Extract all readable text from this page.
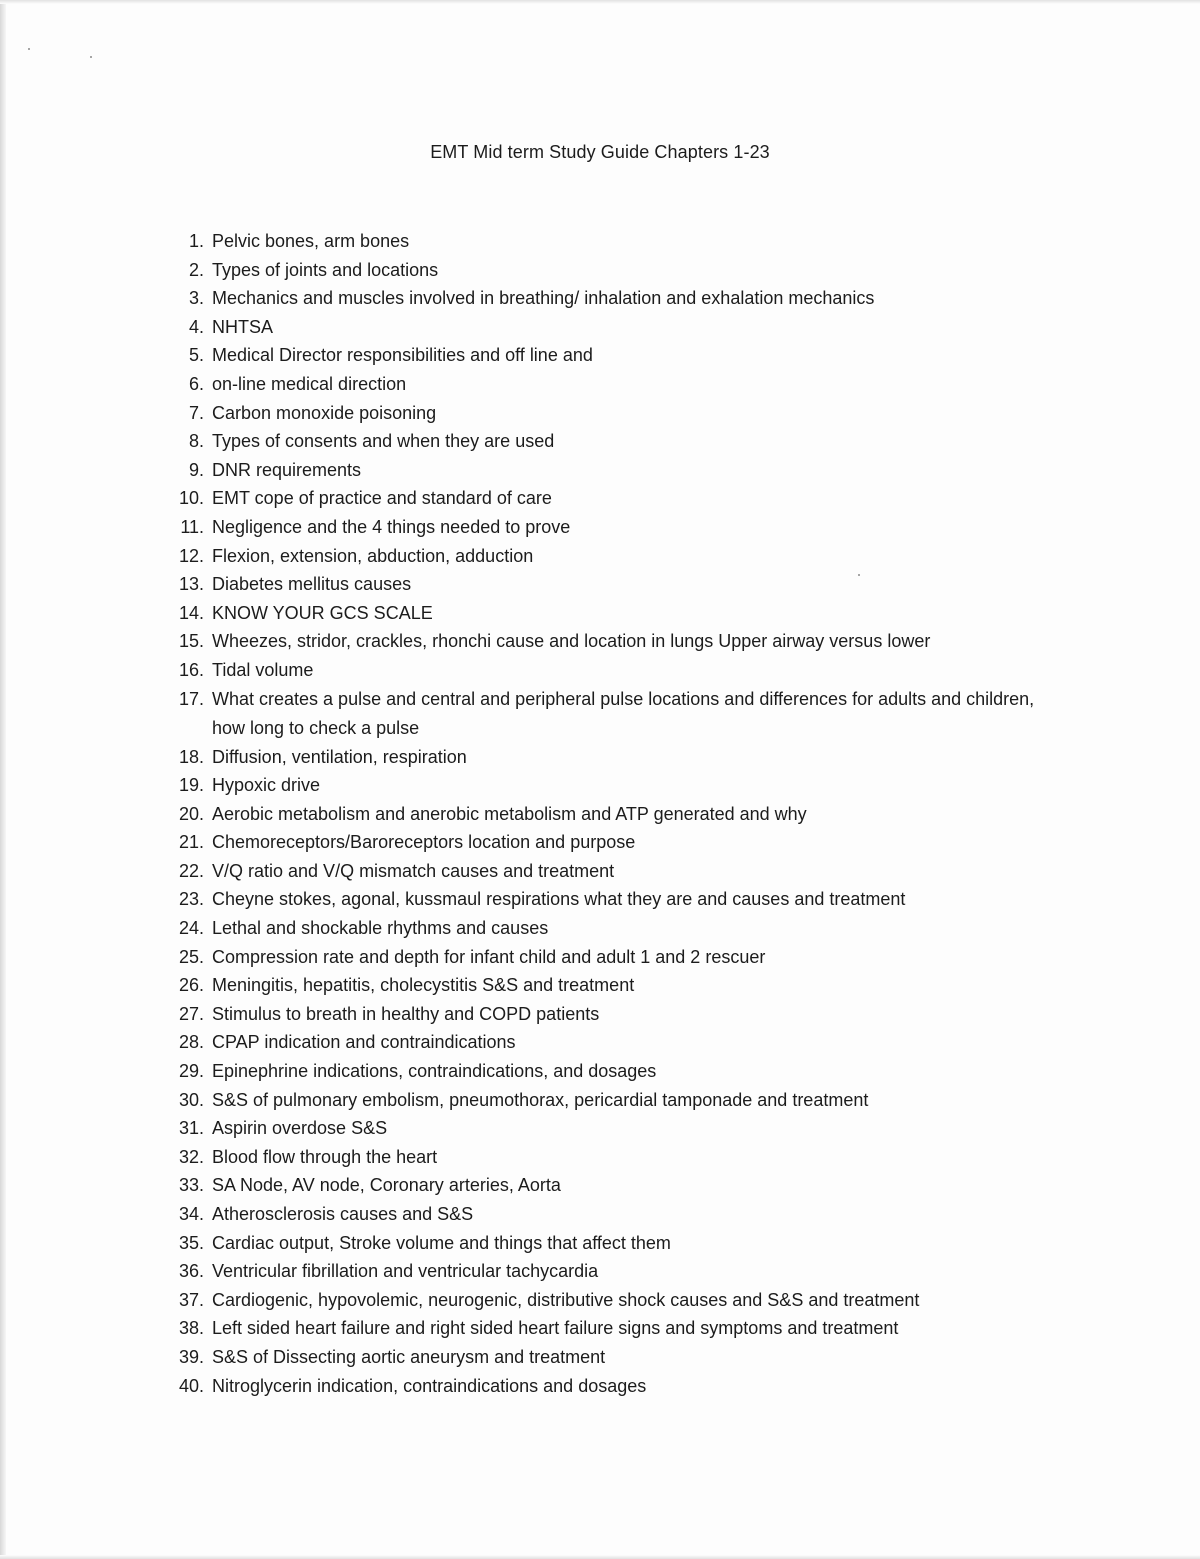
EMT Mid term Study Guide Chapters 1-23
1. Pelvic bones, arm bones
2. Types of joints and locations
3. Mechanics and muscles involved in breathing/ inhalation and exhalation mechanics
4. NHTSA
5. Medical Director responsibilities and off line and
6. on-line medical direction
7. Carbon monoxide poisoning
8. Types of consents and when they are used
9. DNR requirements
10. EMT cope of practice and standard of care
11. Negligence and the 4 things needed to prove
12. Flexion, extension, abduction, adduction
13. Diabetes mellitus causes
14. KNOW YOUR GCS SCALE
15. Wheezes, stridor, crackles, rhonchi cause and location in lungs Upper airway versus lower
16. Tidal volume
17. What creates a pulse and central and peripheral pulse locations and differences for adults and children, how long to check a pulse
18. Diffusion, ventilation, respiration
19. Hypoxic drive
20. Aerobic metabolism and anerobic metabolism and ATP generated and why
21. Chemoreceptors/Baroreceptors location and purpose
22. V/Q ratio and V/Q mismatch causes and treatment
23. Cheyne stokes, agonal, kussmaul respirations what they are and causes and treatment
24. Lethal and shockable rhythms and causes
25. Compression rate and depth for infant child and adult 1 and 2 rescuer
26. Meningitis, hepatitis, cholecystitis S&S and treatment
27. Stimulus to breath in healthy and COPD patients
28. CPAP indication and contraindications
29. Epinephrine indications, contraindications, and dosages
30. S&S of pulmonary embolism, pneumothorax, pericardial tamponade and treatment
31. Aspirin overdose S&S
32. Blood flow through the heart
33. SA Node, AV node, Coronary arteries, Aorta
34. Atherosclerosis causes and S&S
35. Cardiac output, Stroke volume and things that affect them
36. Ventricular fibrillation and ventricular tachycardia
37. Cardiogenic, hypovolemic, neurogenic, distributive shock causes and S&S and treatment
38. Left sided heart failure and right sided heart failure signs and symptoms and treatment
39. S&S of Dissecting aortic aneurysm and treatment
40. Nitroglycerin indication, contraindications and dosages
